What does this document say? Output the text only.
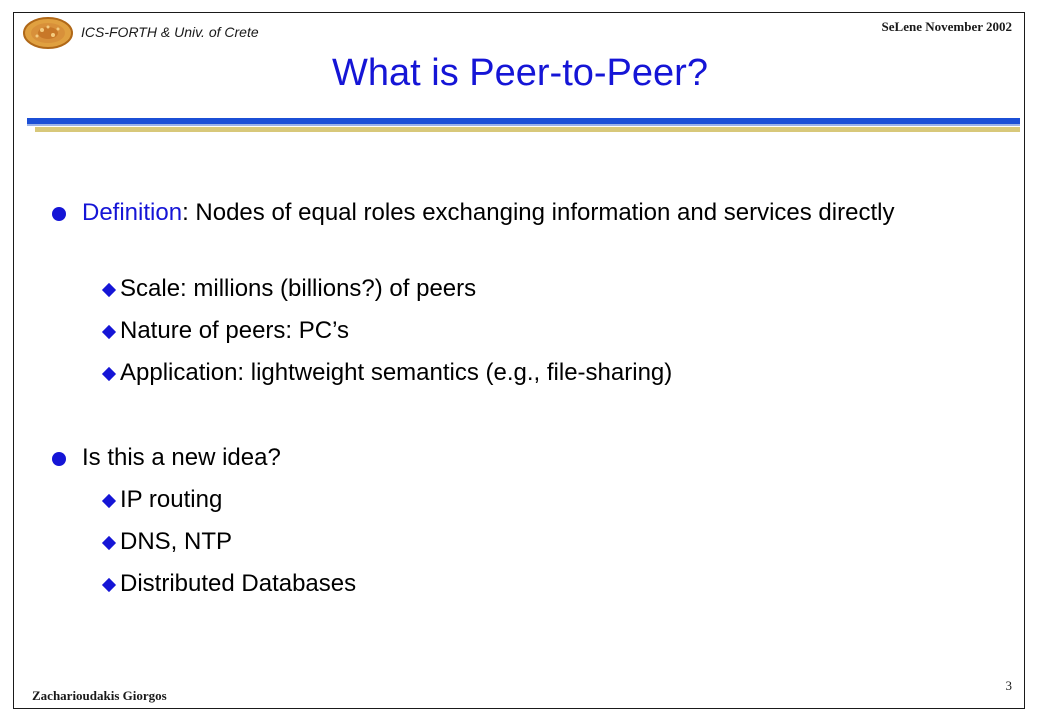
ICS-FORTH & Univ. of Crete	SeLene November 2002
What is Peer-to-Peer?
Definition: Nodes of equal roles exchanging information and services directly
Scale: millions (billions?) of peers
Nature of peers: PC’s
Application: lightweight semantics (e.g., file-sharing)
Is this a new idea?
IP routing
DNS, NTP
Distributed Databases
Zacharioudakis Giorgos
3
